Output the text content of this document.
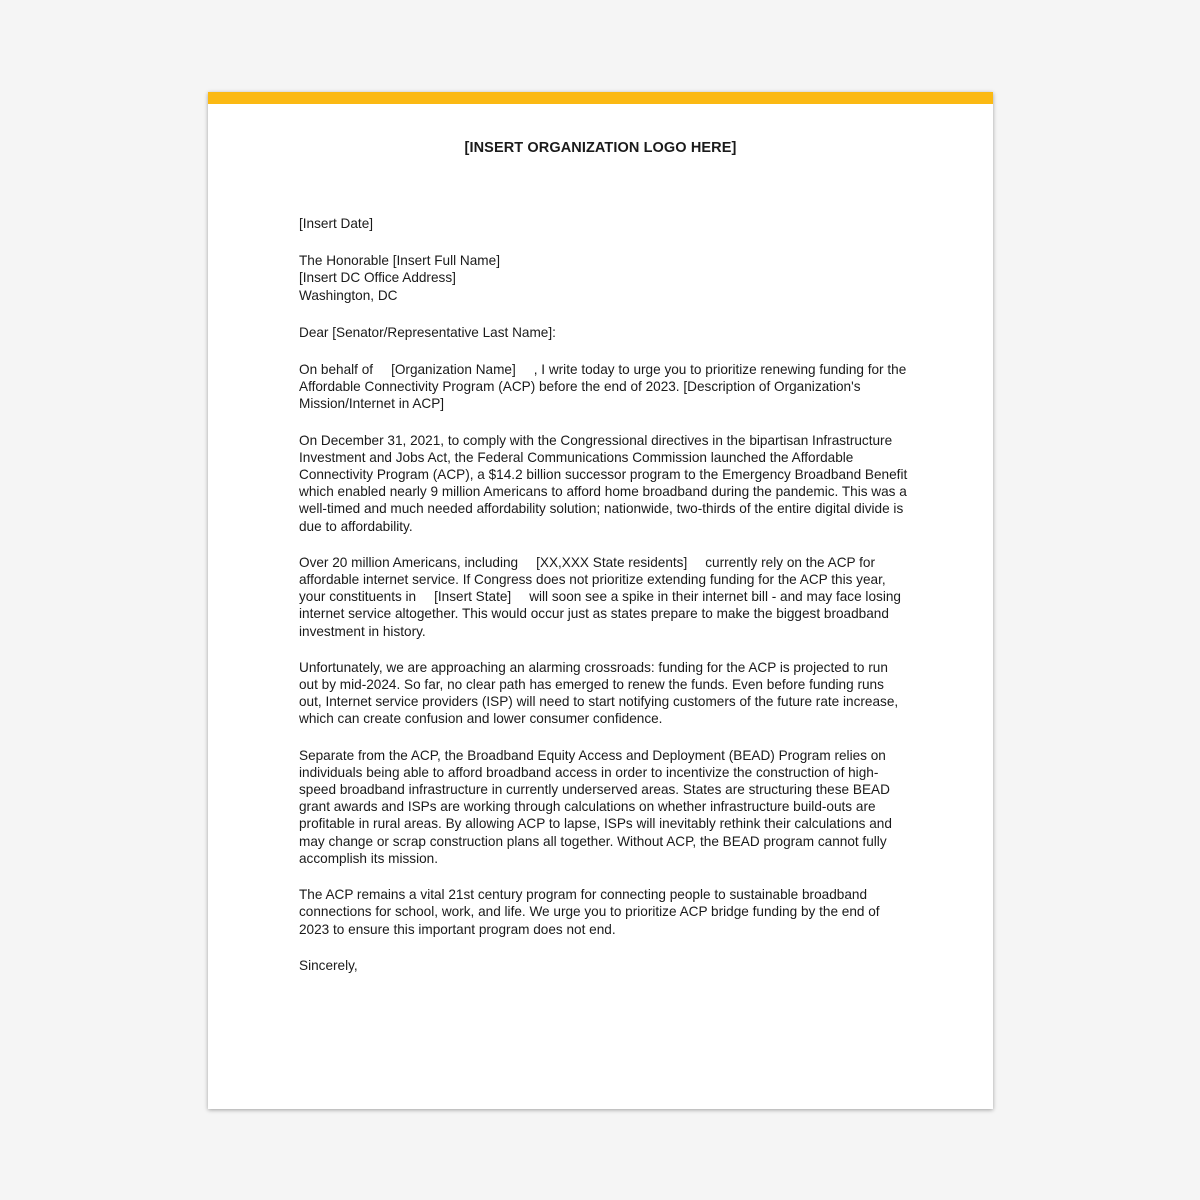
[INSERT ORGANIZATION LOGO HERE]

[Insert Date]

The Honorable [Insert Full Name]

[Insert DC Office Address]

Washington, DC

Dear [Senator/Representative Last Name]:

On behalf of [Organization Name] , I write today to urge you to prioritize renewing funding for the Affordable Connectivity Program (ACP) before the end of 2023. [Description of Organization's Mission/Internet in ACP]

On December 31, 2021, to comply with the Congressional directives in the bipartisan Infrastructure Investment and Jobs Act, the Federal Communications Commission launched the Affordable Connectivity Program (ACP), a $14.2 billion successor program to the Emergency Broadband Benefit which enabled nearly 9 million Americans to afford home broadband during the pandemic. This was a well-timed and much needed affordability solution; nationwide, two-thirds of the entire digital divide is due to affordability.

Over 20 million Americans, including [XX,XXX State residents] currently rely on the ACP for affordable internet service. If Congress does not prioritize extending funding for the ACP this year, your constituents in [Insert State] will soon see a spike in their internet bill - and may face losing internet service altogether. This would occur just as states prepare to make the biggest broadband investment in history.

Unfortunately, we are approaching an alarming crossroads: funding for the ACP is projected to run out by mid-2024. So far, no clear path has emerged to renew the funds. Even before funding runs out, Internet service providers (ISP) will need to start notifying customers of the future rate increase, which can create confusion and lower consumer confidence.

Separate from the ACP, the Broadband Equity Access and Deployment (BEAD) Program relies on individuals being able to afford broadband access in order to incentivize the construction of high-speed broadband infrastructure in currently underserved areas. States are structuring these BEAD grant awards and ISPs are working through calculations on whether infrastructure build-outs are profitable in rural areas. By allowing ACP to lapse, ISPs will inevitably rethink their calculations and may change or scrap construction plans all together. Without ACP, the BEAD program cannot fully accomplish its mission.

The ACP remains a vital 21st century program for connecting people to sustainable broadband connections for school, work, and life. We urge you to prioritize ACP bridge funding by the end of 2023 to ensure this important program does not end.

Sincerely,
